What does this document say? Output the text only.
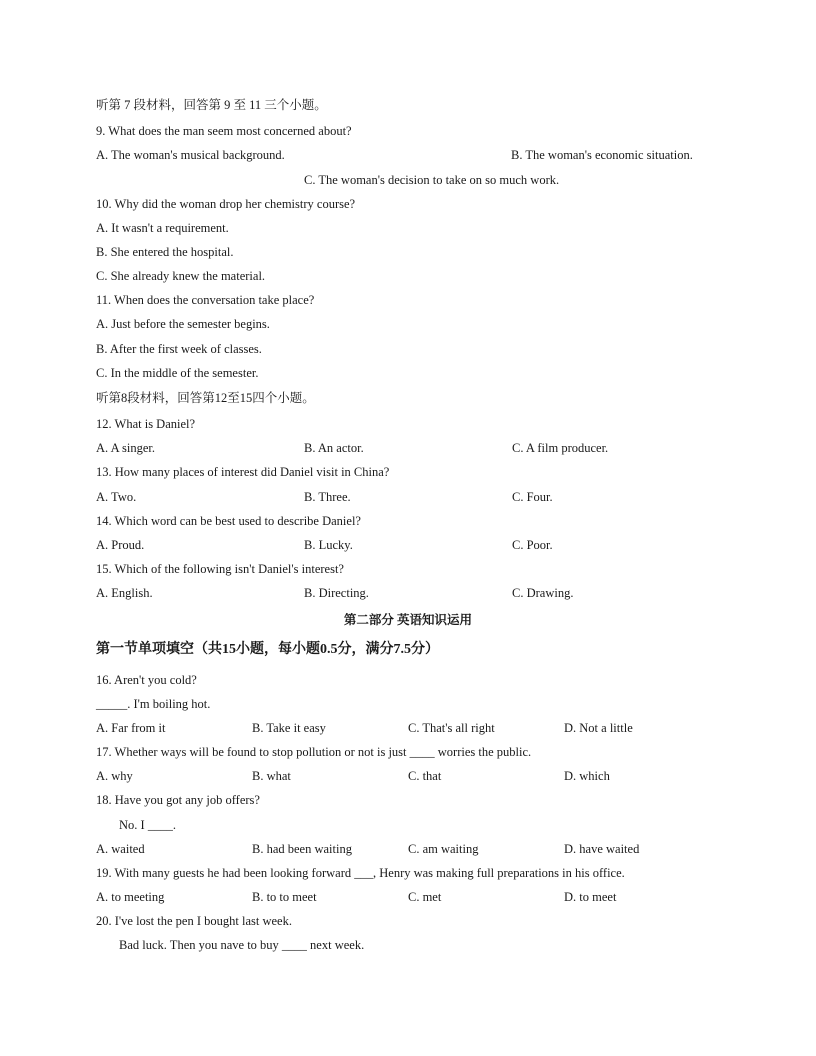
听第 7 段材料，回答第 9 至 11 三个小题。
9. What does the man seem most concerned about?
A. The woman's musical background.	B. The woman's economic situation.
C. The woman's decision to take on so much work.
10. Why did the woman drop her chemistry course?
A. It wasn't a requirement.
B. She entered the hospital.
C. She already knew the material.
11. When does the conversation take place?
A. Just before the semester begins.
B. After the first week of classes.
C. In the middle of the semester.
听第8段材料，回答第12至15四个小题。
12. What is Daniel?
A. A singer.	B. An actor.	C. A film producer.
13. How many places of interest did Daniel visit in China?
A. Two.	B. Three.	C. Four.
14. Which word can be best used to describe Daniel?
A. Proud.	B. Lucky.	C. Poor.
15. Which of the following isn't Daniel's interest?
A. English.	B. Directing.	C. Drawing.
第二部分 英语知识运用
第一节单项填空（共15小题，每小题0.5分，满分7.5分）
16. Aren't you cold?
_____. I'm boiling hot.
A. Far from it	B. Take it easy	C. That's all right	D. Not a little
17. Whether ways will be found to stop pollution or not is just ____ worries the public.
A. why	B. what	C. that	D. which
18. Have you got any job offers?
No. I ____.
A. waited	B. had been waiting	C. am waiting	D. have waited
19. With many guests he had been looking forward ___, Henry was making full preparations in his office.
A. to meeting	B. to to meet	C. met	D. to meet
20. I've lost the pen I bought last week.
Bad luck. Then you nave to buy ____ next week.
